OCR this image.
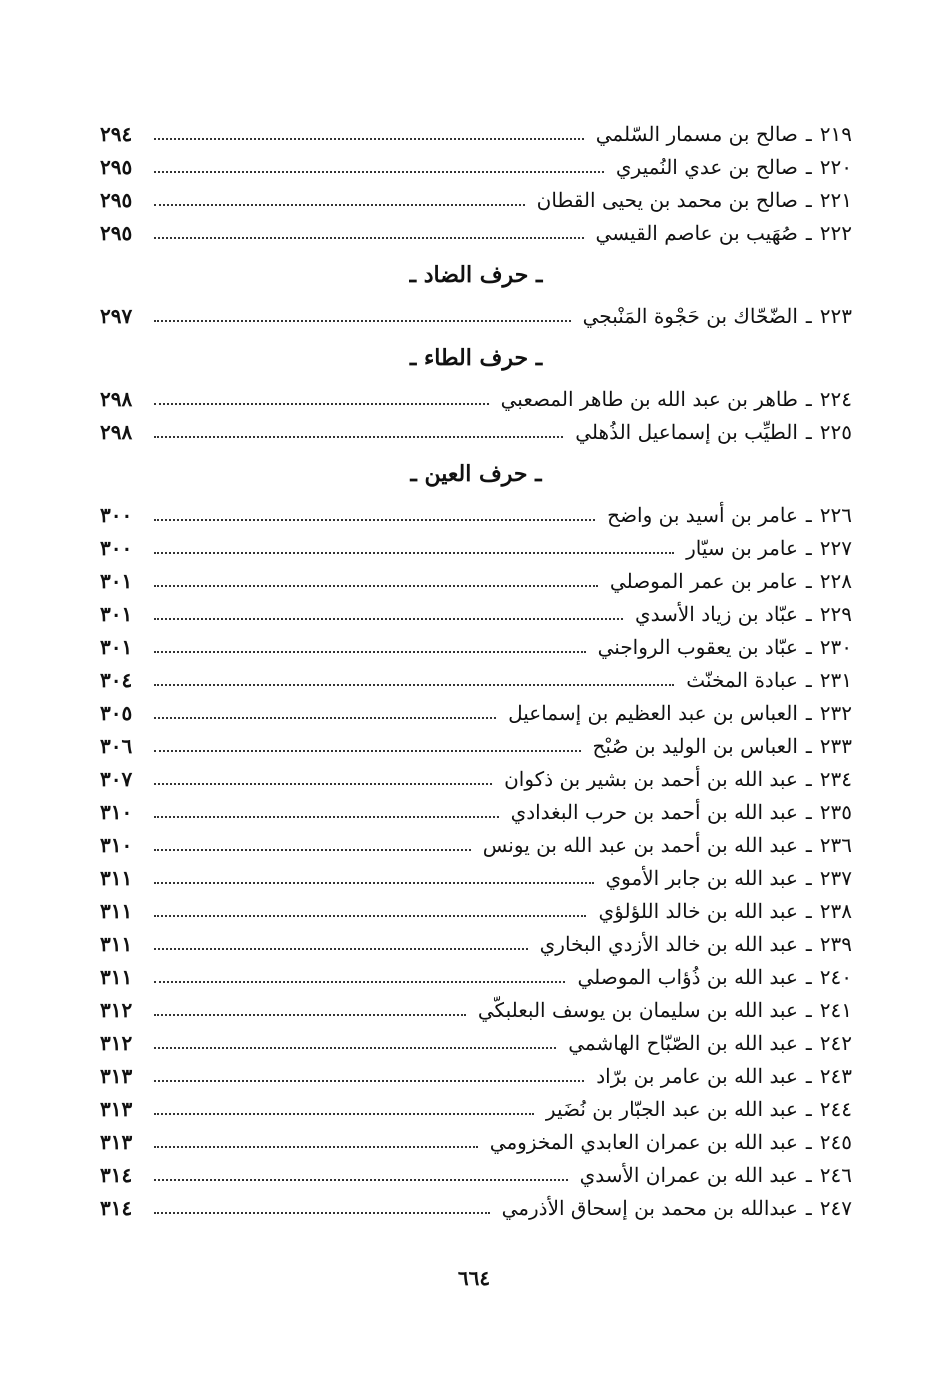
٢١٩
ـ
صالح بن مسمار السّلمي
٢٩٤
٢٢٠
ـ
صالح بن عدي النُميري
٢٩٥
٢٢١
ـ
صالح بن محمد بن يحيى القطان
٢٩٥
٢٢٢
ـ
صُهَيب بن عاصم القيسي
٢٩٥
ـ حرف الضاد ـ
٢٢٣
ـ
الضّحّاك بن حَجْوة المَنْبجي
٢٩٧
ـ حرف الطاء ـ
٢٢٤
ـ
طاهر بن عبد الله بن طاهر المصعبي
٢٩٨
٢٢٥
ـ
الطيِّب بن إسماعيل الذُهلي
٢٩٨
ـ حرف العين ـ
٢٢٦
ـ
عامر بن أسيد بن واضح
٣٠٠
٢٢٧
ـ
عامر بن سيّار
٣٠٠
٢٢٨
ـ
عامر بن عمر الموصلي
٣٠١
٢٢٩
ـ
عبّاد بن زياد الأسدي
٣٠١
٢٣٠
ـ
عبّاد بن يعقوب الرواجني
٣٠١
٢٣١
ـ
عبادة المخنّث
٣٠٤
٢٣٢
ـ
العباس بن عبد العظيم بن إسماعيل
٣٠٥
٢٣٣
ـ
العباس بن الوليد بن صُبْح
٣٠٦
٢٣٤
ـ
عبد الله بن أحمد بن بشير بن ذكوان
٣٠٧
٢٣٥
ـ
عبد الله بن أحمد بن حرب البغدادي
٣١٠
٢٣٦
ـ
عبد الله بن أحمد بن عبد الله بن يونس
٣١٠
٢٣٧
ـ
عبد الله بن جابر الأموي
٣١١
٢٣٨
ـ
عبد الله بن خالد اللؤلؤي
٣١١
٢٣٩
ـ
عبد الله بن خالد الأزدي البخاري
٣١١
٢٤٠
ـ
عبد الله بن ذُؤاب الموصلي
٣١١
٢٤١
ـ
عبد الله بن سليمان بن يوسف البعلبكّي
٣١٢
٢٤٢
ـ
عبد الله بن الصّبّاح الهاشمي
٣١٢
٢٤٣
ـ
عبد الله بن عامر بن برّاد
٣١٣
٢٤٤
ـ
عبد الله بن عبد الجبّار بن نُضَير
٣١٣
٢٤٥
ـ
عبد الله بن عمران العابدي المخزومي
٣١٣
٢٤٦
ـ
عبد الله بن عمران الأسدي
٣١٤
٢٤٧
ـ
عبدالله بن محمد بن إسحاق الأذرمي
٣١٤
٦٦٤
